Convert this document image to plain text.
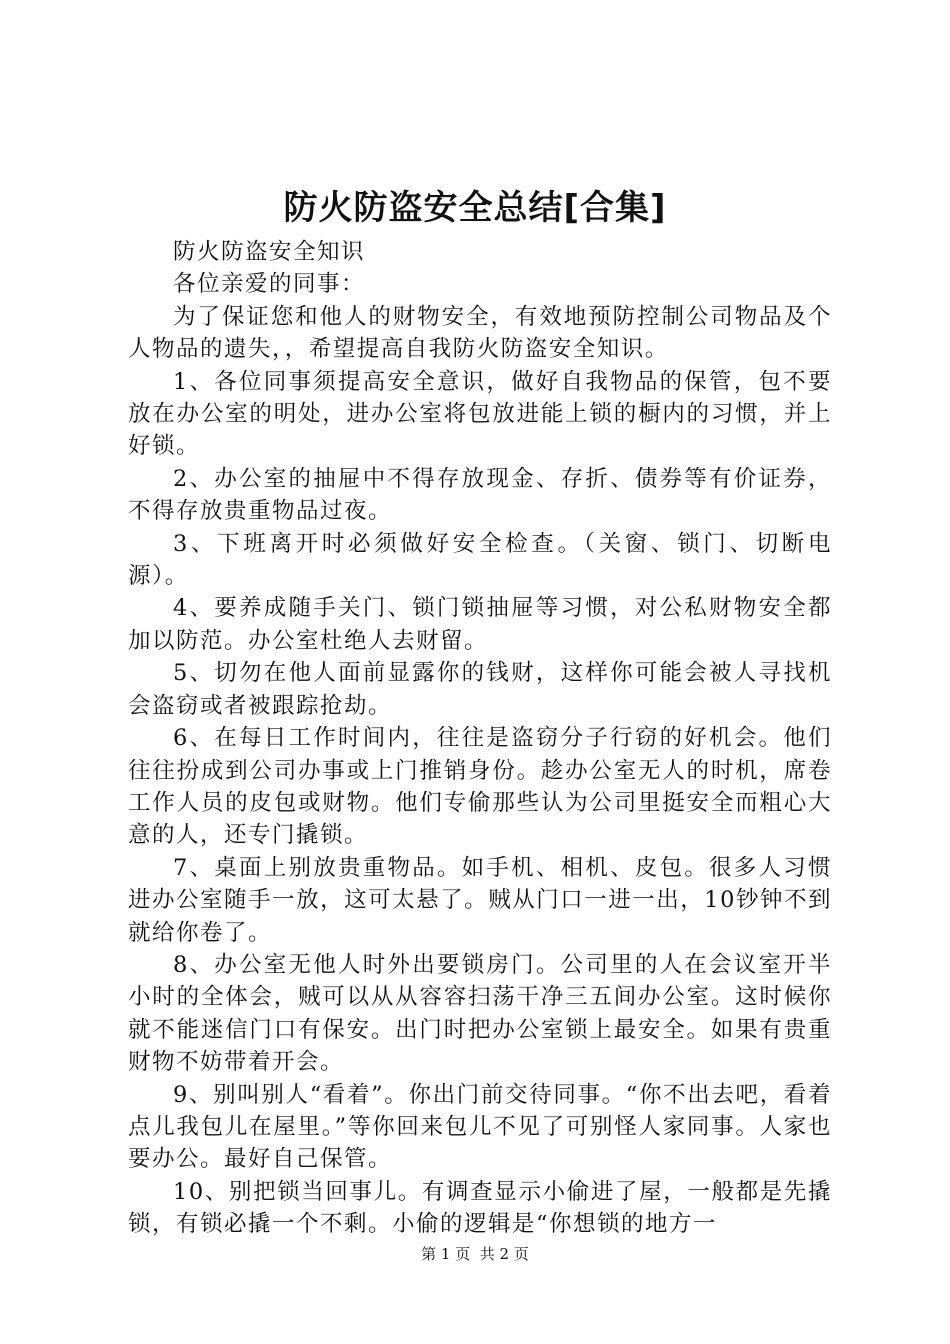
防火防盗安全总结[合集]

防火防盗安全知识

各位亲爱的同事：

为了保证您和他人的财物安全，有效地预防控制公司物品及个人物品的遗失，，希望提高自我防火防盗安全知识。

1、各位同事须提高安全意识，做好自我物品的保管，包不要放在办公室的明处，进办公室将包放进能上锁的橱内的习惯，并上好锁。

2、办公室的抽屉中不得存放现金、存折、债券等有价证券，不得存放贵重物品过夜。

3、下班离开时必须做好安全检查。（关窗、锁门、切断电源）。

4、要养成随手关门、锁门锁抽屉等习惯，对公私财物安全都加以防范。办公室杜绝人去财留。

5、切勿在他人面前显露你的钱财，这样你可能会被人寻找机会盗窃或者被跟踪抢劫。

6、在每日工作时间内，往往是盗窃分子行窃的好机会。他们往往扮成到公司办事或上门推销身份。趁办公室无人的时机，席卷工作人员的皮包或财物。他们专偷那些认为公司里挺安全而粗心大意的人，还专门撬锁。

7、桌面上别放贵重物品。如手机、相机、皮包。很多人习惯进办公室随手一放，这可太悬了。贼从门口一进一出，10钞钟不到就给你卷了。

8、办公室无他人时外出要锁房门。公司里的人在会议室开半小时的全体会，贼可以从从容容扫荡干净三五间办公室。这时候你就不能迷信门口有保安。出门时把办公室锁上最安全。如果有贵重财物不妨带着开会。

9、别叫别人“看着”。你出门前交待同事。“你不出去吧，看着点儿我包儿在屋里。”等你回来包儿不见了可别怪人家同事。人家也要办公。最好自己保管。

10、别把锁当回事儿。有调查显示小偷进了屋，一般都是先撬锁，有锁必撬一个不剩。小偷的逻辑是“你想锁的地方一

第 1 页 共 2 页
